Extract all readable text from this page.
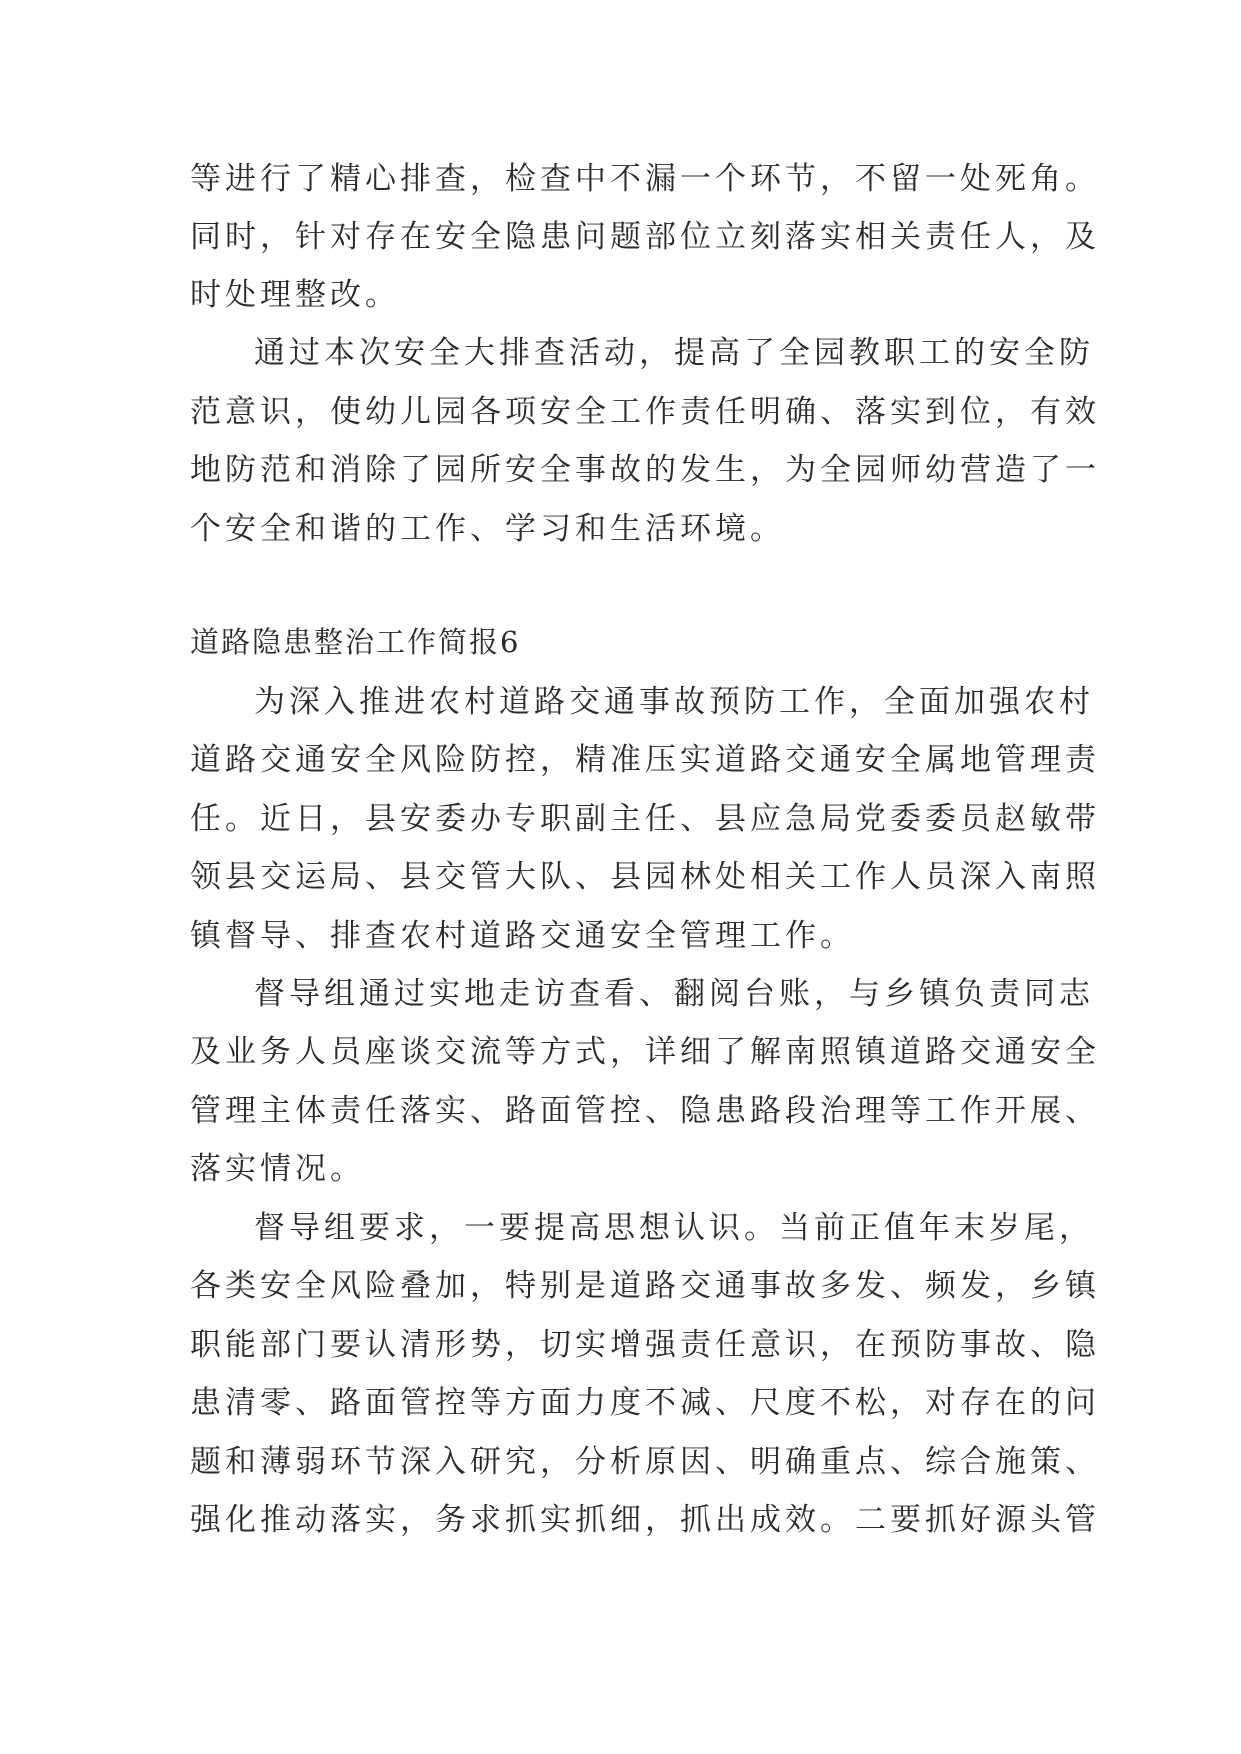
等进行了精心排查，检查中不漏一个环节，不留一处死角。
同时，针对存在安全隐患问题部位立刻落实相关责任人，及
时处理整改。
通过本次安全大排查活动，提高了全园教职工的安全防
范意识，使幼儿园各项安全工作责任明确、落实到位，有效
地防范和消除了园所安全事故的发生，为全园师幼营造了一
个安全和谐的工作、学习和生活环境。
道路隐患整治工作简报6
为深入推进农村道路交通事故预防工作，全面加强农村
道路交通安全风险防控，精准压实道路交通安全属地管理责
任。近日，县安委办专职副主任、县应急局党委委员赵敏带
领县交运局、县交管大队、县园林处相关工作人员深入南照
镇督导、排查农村道路交通安全管理工作。
督导组通过实地走访查看、翻阅台账，与乡镇负责同志
及业务人员座谈交流等方式，详细了解南照镇道路交通安全
管理主体责任落实、路面管控、隐患路段治理等工作开展、
落实情况。
督导组要求，一要提高思想认识。当前正值年末岁尾，
各类安全风险叠加，特别是道路交通事故多发、频发，乡镇
职能部门要认清形势，切实增强责任意识，在预防事故、隐
患清零、路面管控等方面力度不减、尺度不松，对存在的问
题和薄弱环节深入研究，分析原因、明确重点、综合施策、
强化推动落实，务求抓实抓细，抓出成效。二要抓好源头管
